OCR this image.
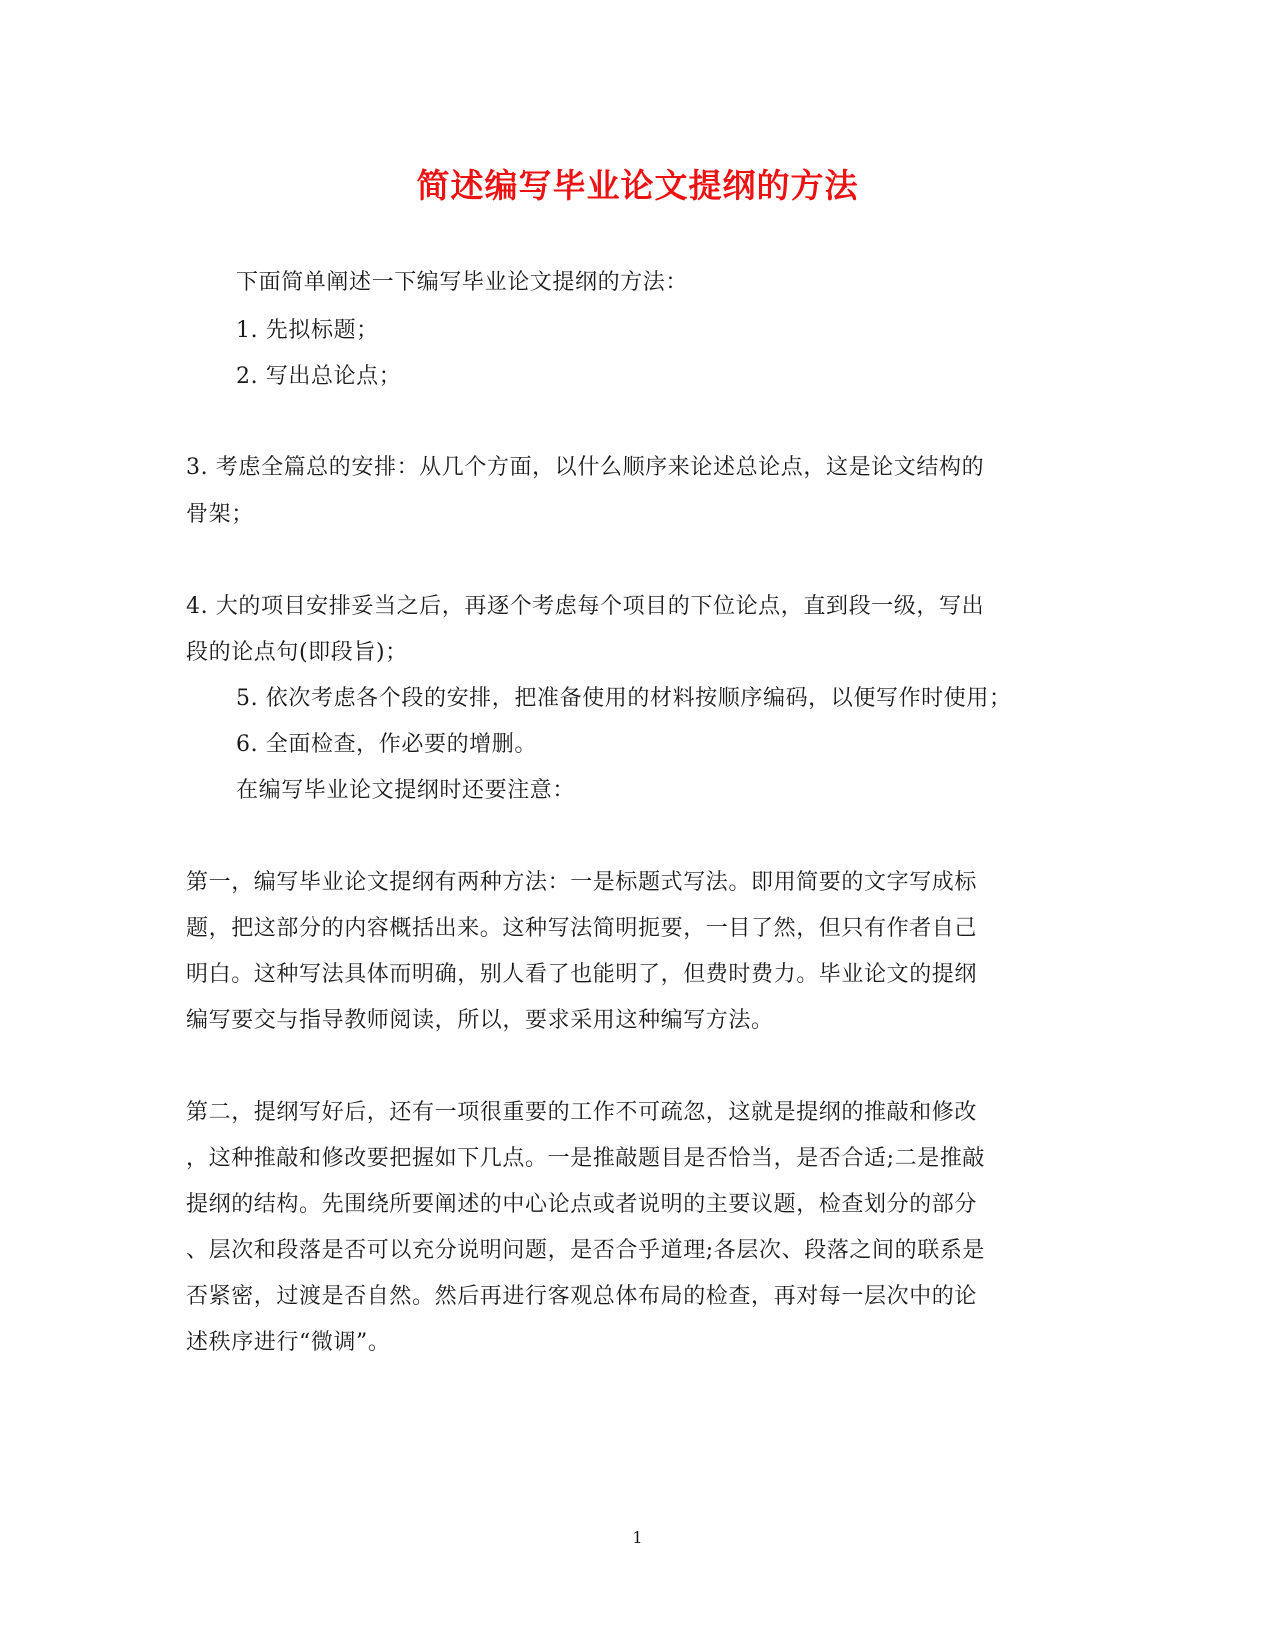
简述编写毕业论文提纲的方法
下面简单阐述一下编写毕业论文提纲的方法：
1. 先拟标题；
2. 写出总论点；
3. 考虑全篇总的安排：从几个方面，以什么顺序来论述总论点，这是论文结构的
骨架；
4. 大的项目安排妥当之后，再逐个考虑每个项目的下位论点，直到段一级，写出
段的论点句(即段旨)；
5. 依次考虑各个段的安排，把准备使用的材料按顺序编码，以便写作时使用；
6. 全面检查，作必要的增删。
在编写毕业论文提纲时还要注意：
第一，编写毕业论文提纲有两种方法：一是标题式写法。即用简要的文字写成标
题，把这部分的内容概括出来。这种写法简明扼要，一目了然，但只有作者自己
明白。这种写法具体而明确，别人看了也能明了，但费时费力。毕业论文的提纲
编写要交与指导教师阅读，所以，要求采用这种编写方法。
第二，提纲写好后，还有一项很重要的工作不可疏忽，这就是提纲的推敲和修改
，这种推敲和修改要把握如下几点。一是推敲题目是否恰当，是否合适;二是推敲
提纲的结构。先围绕所要阐述的中心论点或者说明的主要议题，检查划分的部分
、层次和段落是否可以充分说明问题，是否合乎道理;各层次、段落之间的联系是
否紧密，过渡是否自然。然后再进行客观总体布局的检查，再对每一层次中的论
述秩序进行“微调”。
1
